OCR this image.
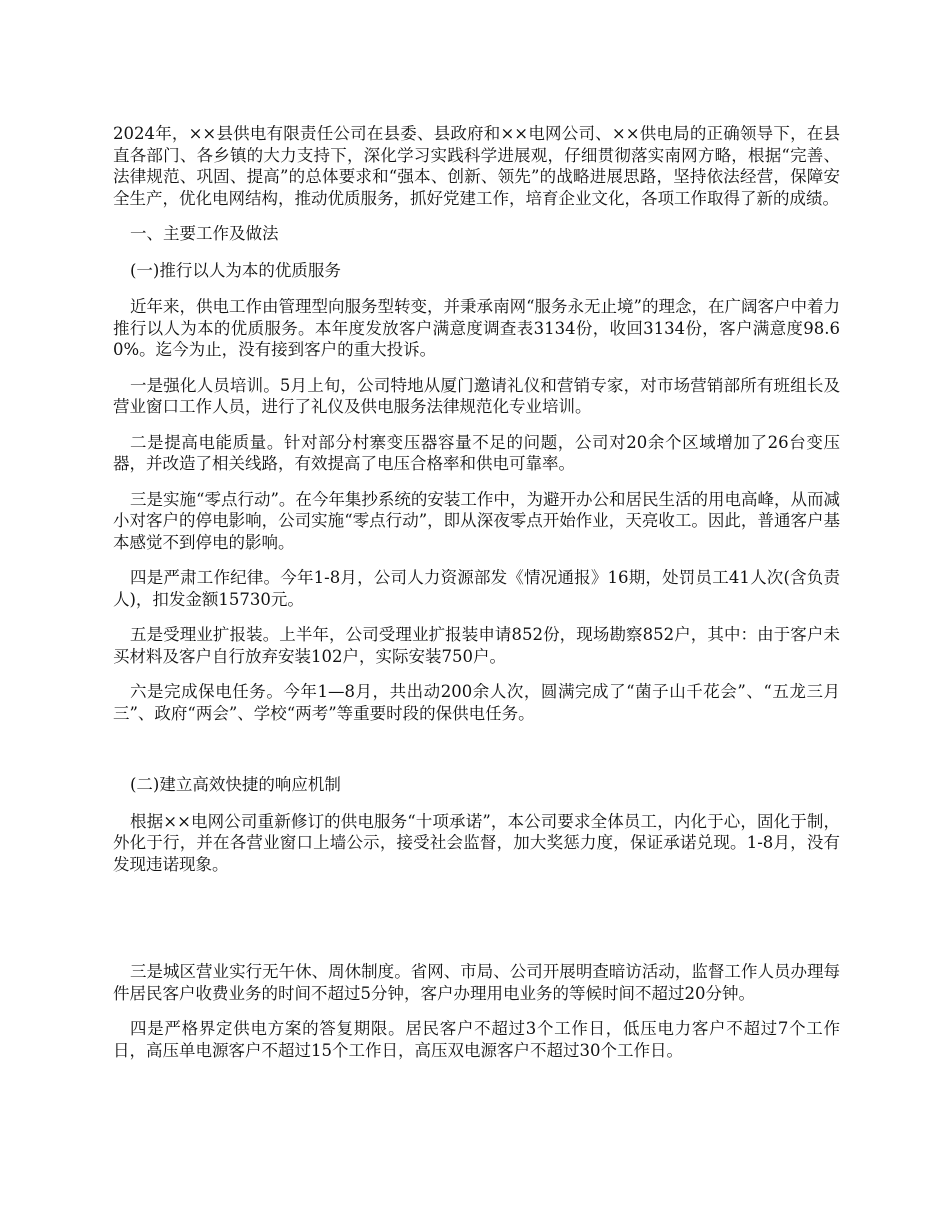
2024年，××县供电有限责任公司在县委、县政府和××电网公司、××供电局的正确领导下，在县直各部门、各乡镇的大力支持下，深化学习实践科学进展观，仔细贯彻落实南网方略，根据“完善、法律规范、巩固、提高”的总体要求和“强本、创新、领先”的战略进展思路，坚持依法经营，保障安全生产，优化电网结构，推动优质服务，抓好党建工作，培育企业文化，各项工作取得了新的成绩。

一、主要工作及做法

(一)推行以人为本的优质服务

近年来，供电工作由管理型向服务型转变，并秉承南网“服务永无止境”的理念，在广阔客户中着力推行以人为本的优质服务。本年度发放客户满意度调查表3134份，收回3134份，客户满意度98.60%。迄今为止，没有接到客户的重大投诉。

一是强化人员培训。5月上旬，公司特地从厦门邀请礼仪和营销专家，对市场营销部所有班组长及营业窗口工作人员，进行了礼仪及供电服务法律规范化专业培训。

二是提高电能质量。针对部分村寨变压器容量不足的问题，公司对20余个区域增加了26台变压器，并改造了相关线路，有效提高了电压合格率和供电可靠率。

三是实施“零点行动”。在今年集抄系统的安装工作中，为避开办公和居民生活的用电高峰，从而减小对客户的停电影响，公司实施“零点行动”，即从深夜零点开始作业，天亮收工。因此，普通客户基本感觉不到停电的影响。

四是严肃工作纪律。今年1-8月，公司人力资源部发《情况通报》16期，处罚员工41人次(含负责人)，扣发金额15730元。

五是受理业扩报装。上半年，公司受理业扩报装申请852份，现场勘察852户，其中：由于客户未买材料及客户自行放弃安装102户，实际安装750户。

六是完成保电任务。今年1—8月，共出动200余人次，圆满完成了“菌子山千花会”、“五龙三月三”、政府“两会”、学校“两考”等重要时段的保供电任务。

(二)建立高效快捷的响应机制

根据××电网公司重新修订的供电服务“十项承诺”，本公司要求全体员工，内化于心，固化于制，外化于行，并在各营业窗口上墙公示，接受社会监督，加大奖惩力度，保证承诺兑现。1-8月，没有发现违诺现象。

三是城区营业实行无午休、周休制度。省网、市局、公司开展明查暗访活动，监督工作人员办理每件居民客户收费业务的时间不超过5分钟，客户办理用电业务的等候时间不超过20分钟。

四是严格界定供电方案的答复期限。居民客户不超过3个工作日，低压电力客户不超过7个工作日，高压单电源客户不超过15个工作日，高压双电源客户不超过30个工作日。
